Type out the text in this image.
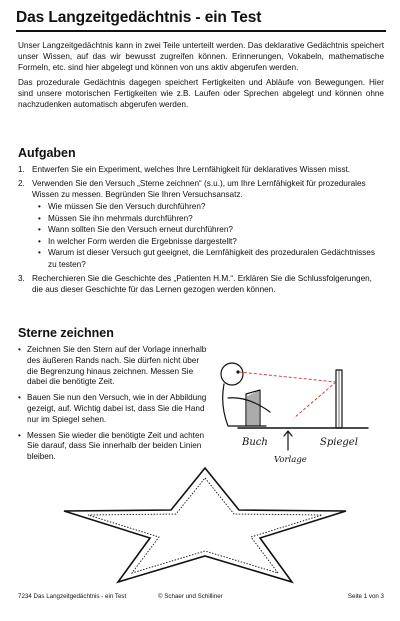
Das Langzeitgedächtnis - ein Test

Unser Langzeitgedächtnis kann in zwei Teile unterteilt werden. Das deklarative Gedächtnis speichert unser Wissen, auf das wir bewusst zugreifen können. Erinnerungen, Vokabeln, mathematische Formeln, etc. sind hier abgelegt und können von uns aktiv abgerufen werden.

Das prozedurale Gedächtnis dagegen speichert Fertigkeiten und Abläufe von Bewegungen. Hier sind unsere motorischen Fertigkeiten wie z.B. Laufen oder Sprechen abgelegt und können ohne nachzudenken automatisch abgerufen werden.

Aufgaben
1. Entwerfen Sie ein Experiment, welches Ihre Lernfähigkeit für deklaratives Wissen misst.
2. Verwenden Sie den Versuch „Sterne zeichnen“ (s.u.), um Ihre Lernfähigkeit für prozedurales Wissen zu messen. Begründen Sie Ihren Versuchsansatz.
• Wie müssen Sie den Versuch durchführen?
• Müssen Sie ihn mehrmals durchführen?
• Wann sollten Sie den Versuch erneut durchführen?
• In welcher Form werden die Ergebnisse dargestellt?
• Warum ist dieser Versuch gut geeignet, die Lernfähigkeit des prozeduralen Gedächtnisses zu testen?
3. Recherchieren Sie die Geschichte des „Patienten H.M.“. Erklären Sie die Schlussfolgerungen, die aus dieser Geschichte für das Lernen gezogen werden können.
Sterne zeichnen
• Zeichnen Sie den Stern auf der Vorlage innerhalb des äußeren Rands nach. Sie dürfen nicht über die Begrenzung hinaus zeichnen. Messen Sie dabei die benötigte Zeit.
• Bauen Sie nun den Versuch, wie in der Abbildung gezeigt, auf. Wichtig dabei ist, dass Sie die Hand nur im Spiegel sehen.
• Messen Sie wieder die benötigte Zeit und achten Sie darauf, dass Sie innerhalb der beiden Linien bleiben.
Buch
Vorlage
Spiegel
7234 Das Langzeitgedächtnis - ein Test	© Schaer und Schilliner	Seite 1 von 3
